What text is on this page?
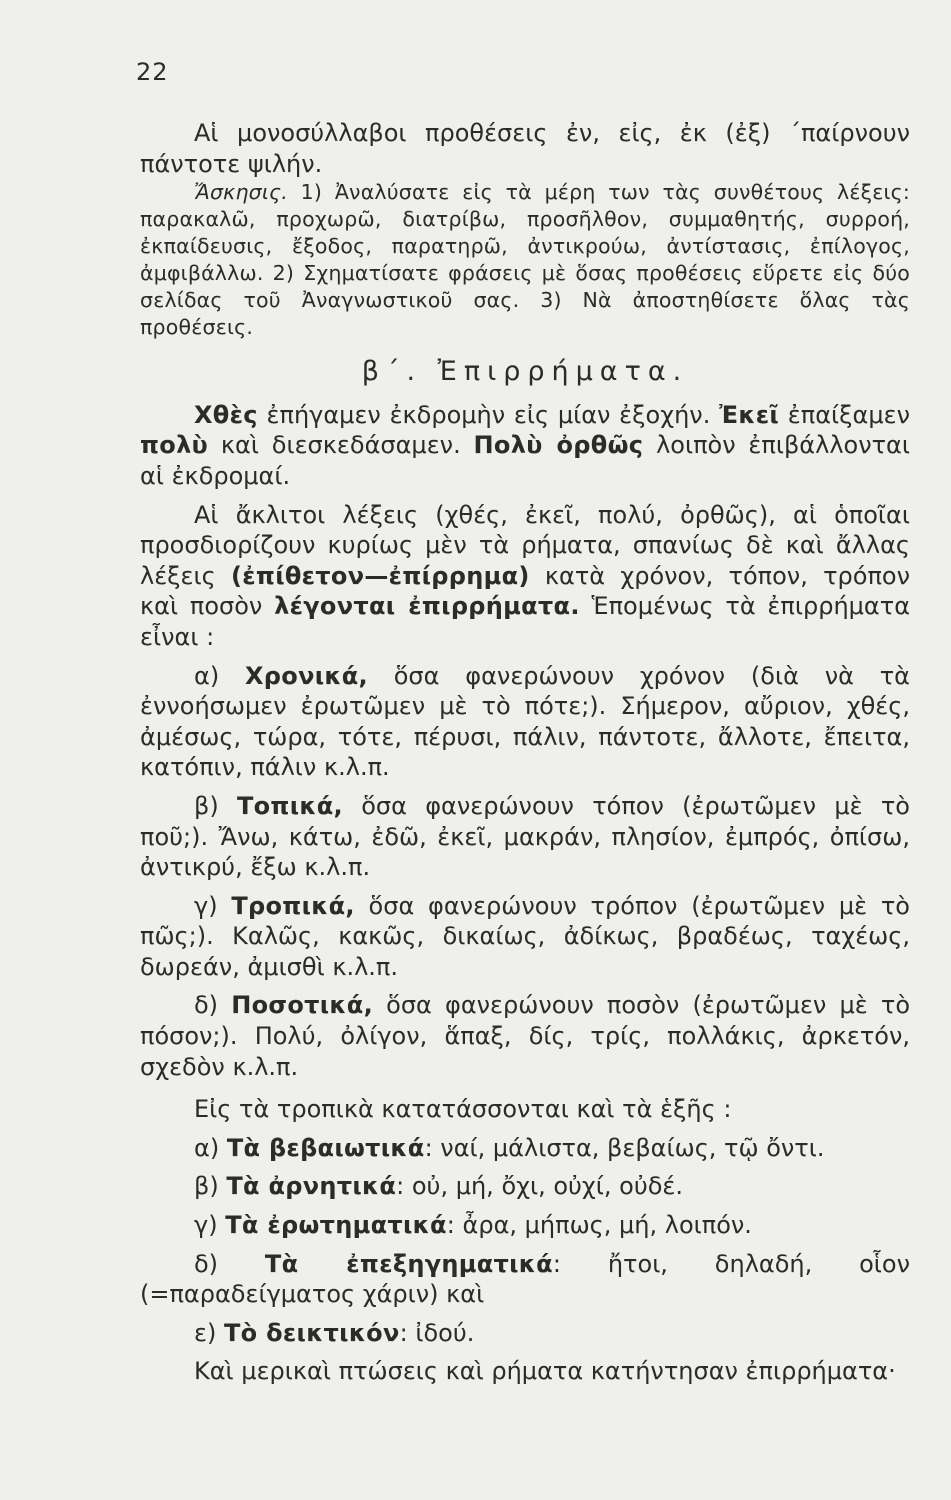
22

Αἱ μονοσύλλαβοι προθέσεις ἐν, εἰς, ἐκ (ἐξ) ΄παίρνουν πάντοτε ψιλήν.

Ἄσκησις. 1) Ἀναλύσατε εἰς τὰ μέρη των τὰς συνθέτους λέξεις: παρακαλῶ, προχωρῶ, διατρίβω, προσῆλθον, συμμαθητής, συρροή, ἐκπαίδευσις, ἔξοδος, παρατηρῶ, ἀντικρούω, ἀντίστασις, ἐπίλογος, ἀμφιβάλλω. 2) Σχηματίσατε φράσεις μὲ ὅσας προθέσεις εὕρετε εἰς δύο σελίδας τοῦ Ἀναγνωστικοῦ σας. 3) Νὰ ἀποστηθίσετε ὅλας τὰς προθέσεις.

β΄. Ἐπιρρήματα.

Χθὲς ἐπήγαμεν ἐκδρομὴν εἰς μίαν ἐξοχήν. Ἐκεῖ ἐπαίξαμεν πολὺ καὶ διεσκεδάσαμεν. Πολὺ ὀρθῶς λοιπὸν ἐπιβάλλονται αἱ ἐκδρομαί.

Αἱ ἄκλιτοι λέξεις (χθές, ἐκεῖ, πολύ, ὀρθῶς), αἱ ὁποῖαι προσδιορίζουν κυρίως μὲν τὰ ρήματα, σπανίως δὲ καὶ ἄλλας λέξεις (ἐπίθετον—ἐπίρρημα) κατὰ χρόνον, τόπον, τρόπον καὶ ποσὸν λέγονται ἐπιρρήματα. Ἑπομένως τὰ ἐπιρρήματα εἶναι :

α) Χρονικά, ὅσα φανερώνουν χρόνον (διὰ νὰ τὰ ἐννοήσωμεν ἐρωτῶμεν μὲ τὸ πότε;). Σήμερον, αὔριον, χθές, ἀμέσως, τώρα, τότε, πέρυσι, πάλιν, πάντοτε, ἄλλοτε, ἔπειτα, κατόπιν, πάλιν κ.λ.π.

β) Τοπικά, ὅσα φανερώνουν τόπον (ἐρωτῶμεν μὲ τὸ ποῦ;). Ἄνω, κάτω, ἐδῶ, ἐκεῖ, μακράν, πλησίον, ἐμπρός, ὀπίσω, ἀντικρύ, ἔξω κ.λ.π.

γ) Τροπικά, ὅσα φανερώνουν τρόπον (ἐρωτῶμεν μὲ τὸ πῶς;). Καλῶς, κακῶς, δικαίως, ἀδίκως, βραδέως, ταχέως, δωρεάν, ἀμισθὶ κ.λ.π.

δ) Ποσοτικά, ὅσα φανερώνουν ποσὸν (ἐρωτῶμεν μὲ τὸ πόσον;). Πολύ, ὀλίγον, ἅπαξ, δίς, τρίς, πολλάκις, ἀρκετόν, σχεδὸν κ.λ.π.

Εἰς τὰ τροπικὰ κατατάσσονται καὶ τὰ ἑξῆς :

α) Τὰ βεβαιωτικά: ναί, μάλιστα, βεβαίως, τῷ ὄντι.

β) Τὰ ἀρνητικά: οὐ, μή, ὄχι, οὐχί, οὐδέ.

γ) Τὰ ἐρωτηματικά: ἆρα, μήπως, μή, λοιπόν.

δ) Τὰ ἐπεξηγηματικά: ἤτοι, δηλαδή, οἷον (=παραδείγματος χάριν) καὶ

ε) Τὸ δεικτικόν: ἰδού.

Καὶ μερικαὶ πτώσεις καὶ ρήματα κατήντησαν ἐπιρρήματα·
